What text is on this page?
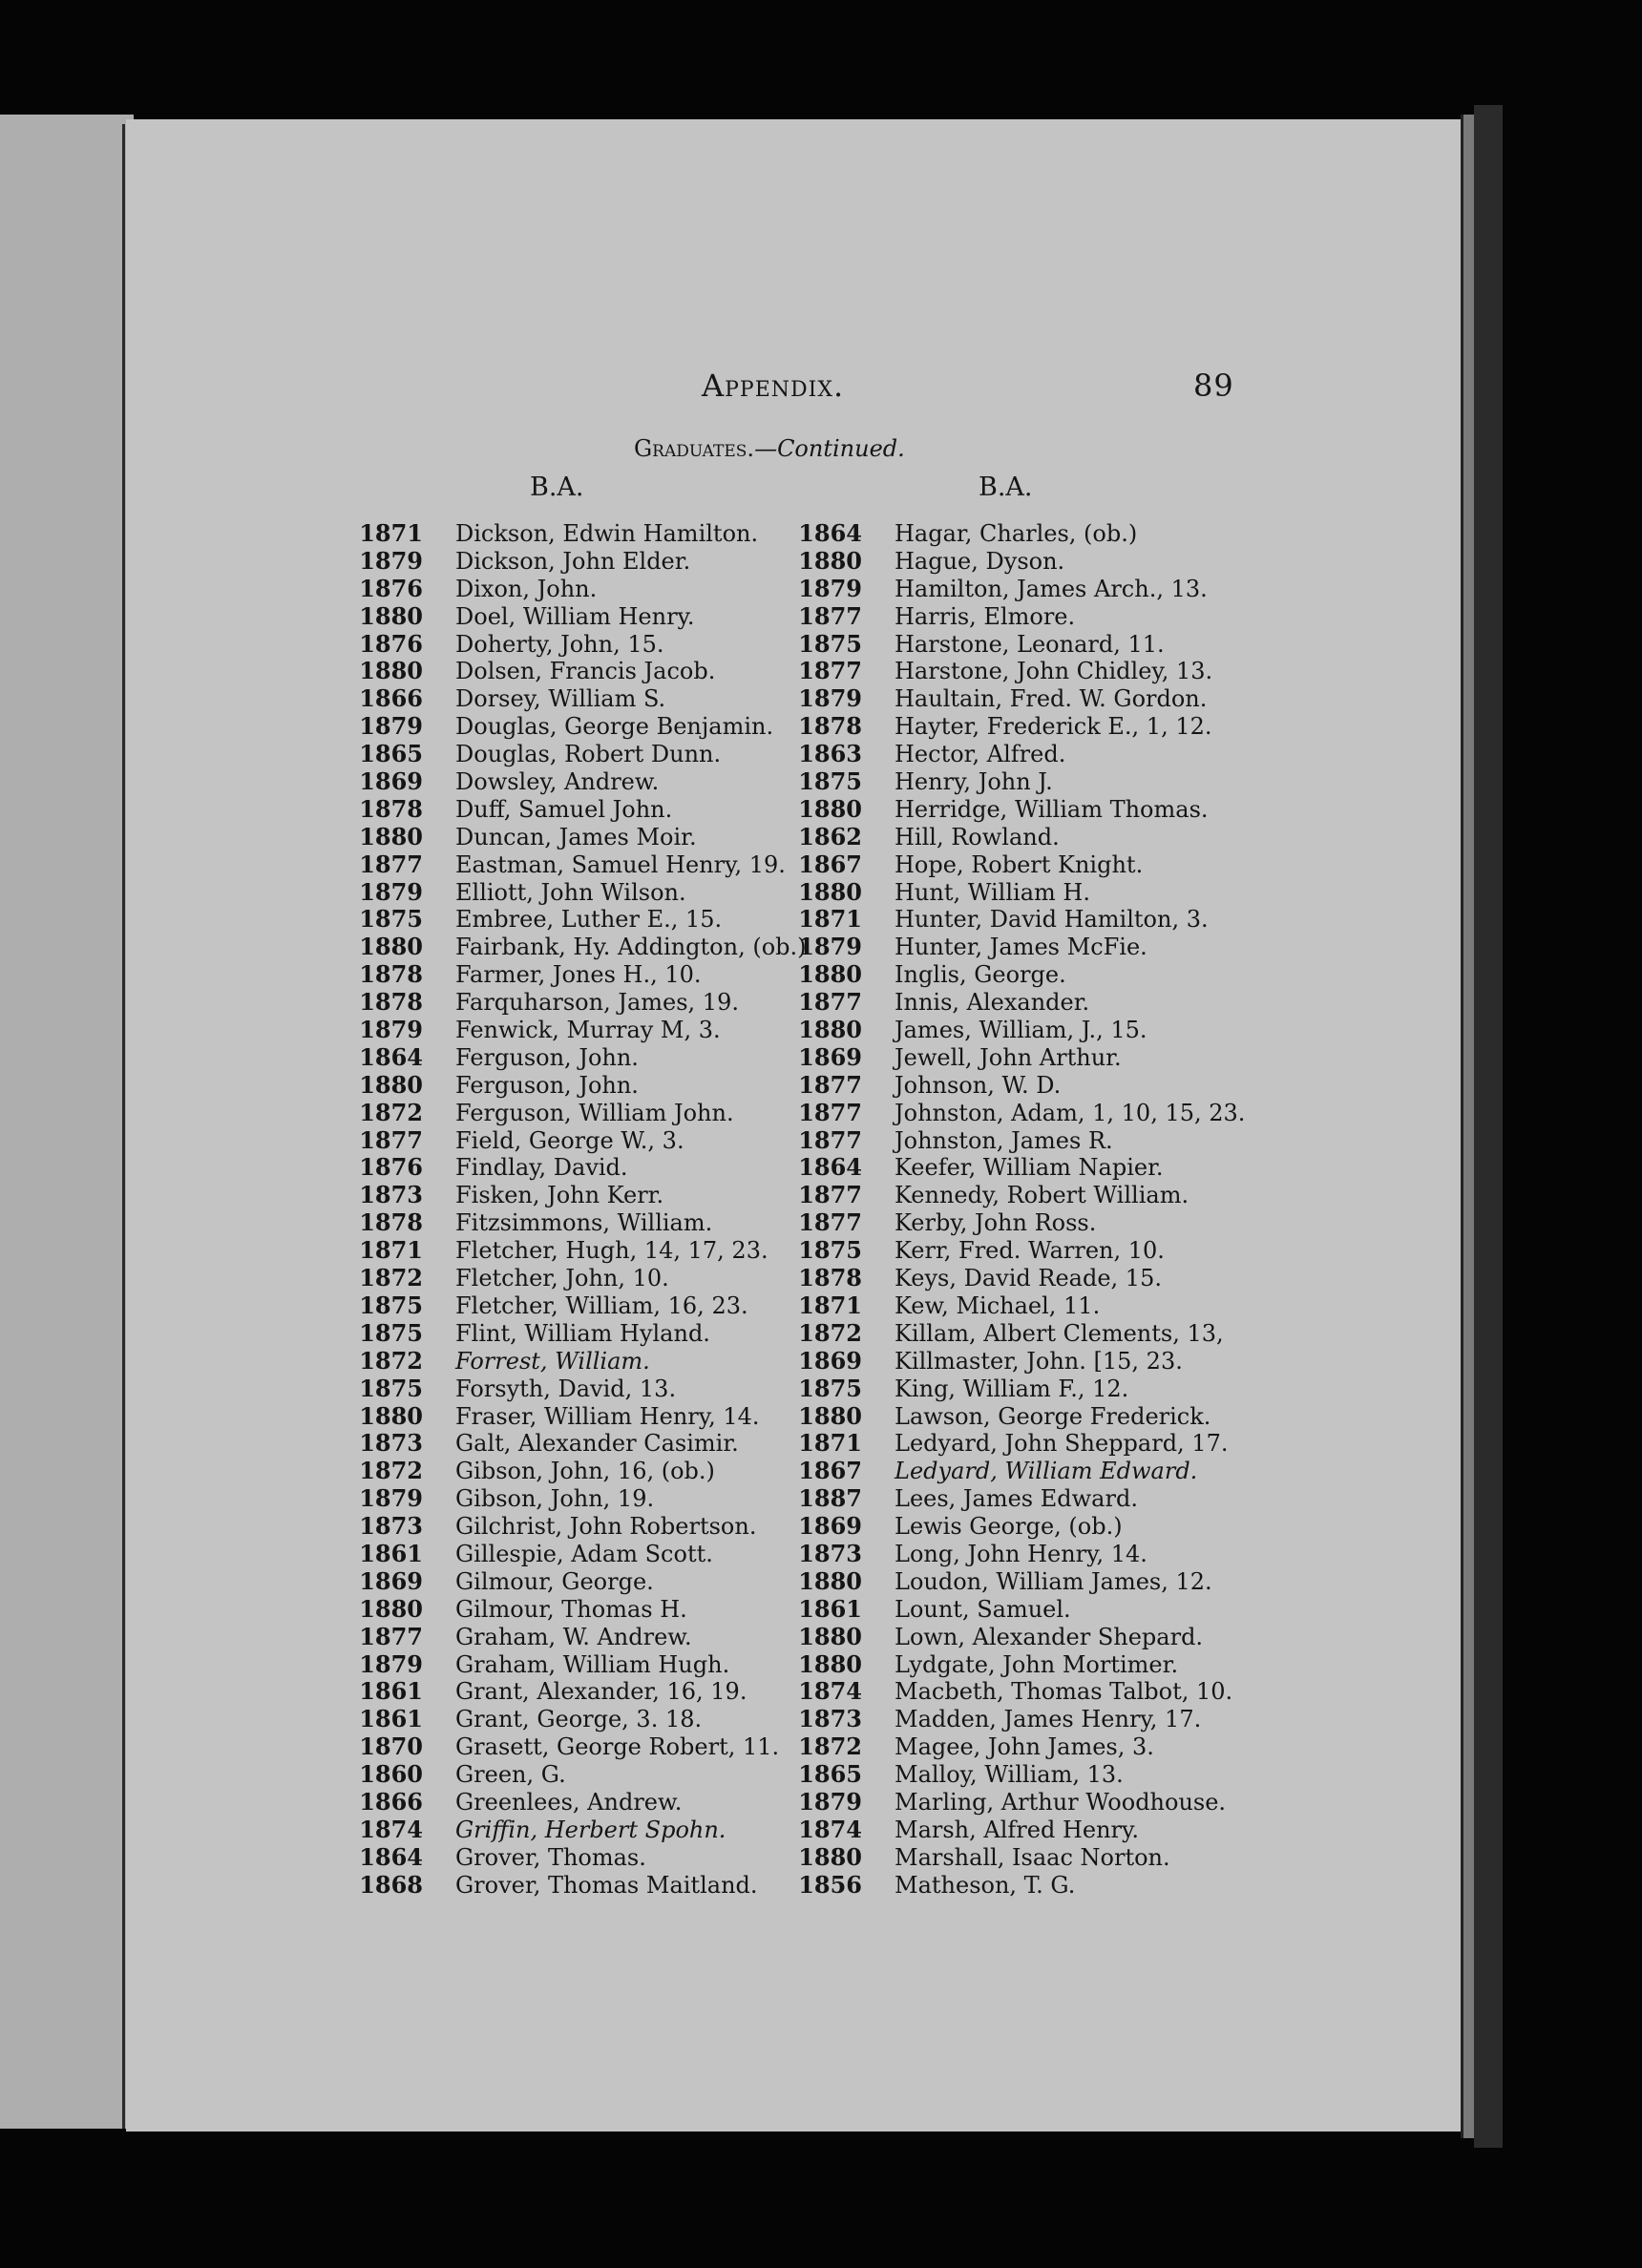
Appendix.	89
Graduates.—Continued.
B.A.	B.A.
1871 Dickson, Edwin Hamilton.
1879 Dickson, John Elder.
1876 Dixon, John.
1880 Doel, William Henry.
1876 Doherty, John, 15.
1880 Dolsen, Francis Jacob.
1866 Dorsey, William S.
1879 Douglas, George Benjamin.
1865 Douglas, Robert Dunn.
1869 Dowsley, Andrew.
1878 Duff, Samuel John.
1880 Duncan, James Moir.
1877 Eastman, Samuel Henry, 19.
1879 Elliott, John Wilson.
1875 Embree, Luther E., 15.
1880 Fairbank, Hy. Addington, (ob.)
1878 Farmer, Jones H., 10.
1878 Farquharson, James, 19.
1879 Fenwick, Murray M, 3.
1864 Ferguson, John.
1880 Ferguson, John.
1872 Ferguson, William John.
1877 Field, George W., 3.
1876 Findlay, David.
1873 Fisken, John Kerr.
1878 Fitzsimmons, William.
1871 Fletcher, Hugh, 14, 17, 23.
1872 Fletcher, John, 10.
1875 Fletcher, William, 16, 23.
1875 Flint, William Hyland.
1872 Forrest, William.
1875 Forsyth, David, 13.
1880 Fraser, William Henry, 14.
1873 Galt, Alexander Casimir.
1872 Gibson, John, 16, (ob.)
1879 Gibson, John, 19.
1873 Gilchrist, John Robertson.
1861 Gillespie, Adam Scott.
1869 Gilmour, George.
1880 Gilmour, Thomas H.
1877 Graham, W. Andrew.
1879 Graham, William Hugh.
1861 Grant, Alexander, 16, 19.
1861 Grant, George, 3. 18.
1870 Grasett, George Robert, 11.
1860 Green, G.
1866 Greenlees, Andrew.
1874 Griffin, Herbert Spohn.
1864 Grover, Thomas.
1868 Grover, Thomas Maitland.
1864 Hagar, Charles, (ob.)
1880 Hague, Dyson.
1879 Hamilton, James Arch., 13.
1877 Harris, Elmore.
1875 Harstone, Leonard, 11.
1877 Harstone, John Chidley, 13.
1879 Haultain, Fred. W. Gordon.
1878 Hayter, Frederick E., 1, 12.
1863 Hector, Alfred.
1875 Henry, John J.
1880 Herridge, William Thomas.
1862 Hill, Rowland.
1867 Hope, Robert Knight.
1880 Hunt, William H.
1871 Hunter, David Hamilton, 3.
1879 Hunter, James McFie.
1880 Inglis, George.
1877 Innis, Alexander.
1880 James, William, J., 15.
1869 Jewell, John Arthur.
1877 Johnson, W. D.
1877 Johnston, Adam, 1, 10, 15, 23.
1877 Johnston, James R.
1864 Keefer, William Napier.
1877 Kennedy, Robert William.
1877 Kerby, John Ross.
1875 Kerr, Fred. Warren, 10.
1878 Keys, David Reade, 15.
1871 Kew, Michael, 11.
1872 Killam, Albert Clements, 13,
1869 Killmaster, John. [15, 23.
1875 King, William F., 12.
1880 Lawson, George Frederick.
1871 Ledyard, John Sheppard, 17.
1867 Ledyard, William Edward.
1887 Lees, James Edward.
1869 Lewis George, (ob.)
1873 Long, John Henry, 14.
1880 Loudon, William James, 12.
1861 Lount, Samuel.
1880 Lown, Alexander Shepard.
1880 Lydgate, John Mortimer.
1874 Macbeth, Thomas Talbot, 10.
1873 Madden, James Henry, 17.
1872 Magee, John James, 3.
1865 Malloy, William, 13.
1879 Marling, Arthur Woodhouse.
1874 Marsh, Alfred Henry.
1880 Marshall, Isaac Norton.
1856 Matheson, T. G.
